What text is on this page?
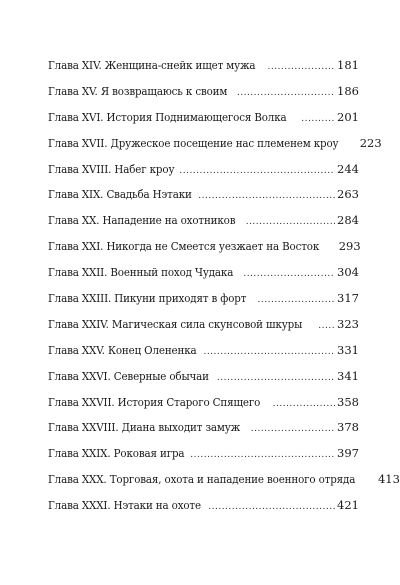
Глава XIV. Женщина-снейк ищет мужа .....	181
Глава XV. Я возвращаюсь к своим .....	186
Глава XVI. История Поднимающегося Волка .....	201
Глава XVII. Дружеское посещение нас племенем кроу 223
Глава XVIII. Набег кроу .....	244
Глава XIX. Свадьба Нэтаки .....	263
Глава XX. Нападение на охотников .....	284
Глава XXI. Никогда не Смеется уезжает на Восток 293
Глава XXII. Военный поход Чудака .....	304
Глава XXIII. Пикуни приходят в форт .....	317
Глава XXIV. Магическая сила скунсовой шкуры .....	323
Глава XXV. Конец Олененка .....	331
Глава XXVI. Северные обычаи .....	341
Глава XXVII. История Старого Спящего .....	358
Глава XXVIII. Диана выходит замуж .....	378
Глава XXIX. Роковая игра .....	397
Глава XXX. Торговая, охота и нападение военного отряда 413
Глава XXXI. Нэтаки на охоте .....	421
